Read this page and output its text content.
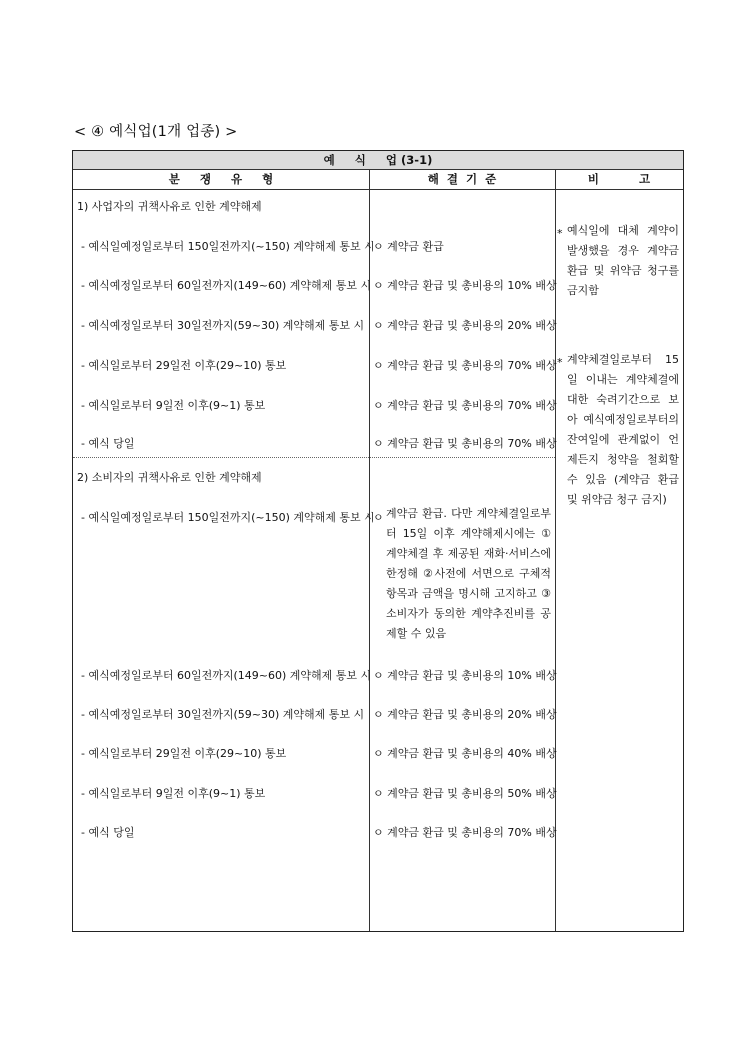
< ④ 예식업(1개 업종) >
예     식     업 (3-1)
분     쟁     유     형	해  결  기  준	비          고
1) 사업자의 귀책사유로 인한 계약해제
- 예식일예정일로부터 150일전까지(~150) 계약해제 통보 시
ㅇ 계약금 환급
- 예식예정일로부터 60일전까지(149~60) 계약해제 통보 시 ㅇ 계약금 환급 및 총비용의 10% 배상
- 예식예정일로부터 30일전까지(59~30) 계약해제 통보 시 ㅇ 계약금 환급 및 총비용의 20% 배상
- 예식일로부터 29일전 이후(29~10) 통보	ㅇ 계약금 환급 및 총비용의 70% 배상
- 예식일로부터 9일전 이후(9~1) 통보	ㅇ 계약금 환급 및 총비용의 70% 배상
- 예식 당일	ㅇ 계약금 환급 및 총비용의 70% 배상
2) 소비자의 귀책사유로 인한 계약해제
- 예식일예정일로부터 150일전까지(~150) 계약해제 통보 시
ㅇ 계약금 환급. 다만 계약체결일로부터 15일 이후 계약해제시에는 ①계약체결 후 제공된 재화·서비스에 한정해 ②사전에 서면으로 구체적 항목과 금액을 명시해 고지하고 ③소비자가 동의한 계약추진비를 공제할 수 있음
- 예식예정일로부터 60일전까지(149~60) 계약해제 통보 시 ㅇ 계약금 환급 및 총비용의 10% 배상
- 예식예정일로부터 30일전까지(59~30) 계약해제 통보 시 ㅇ 계약금 환급 및 총비용의 20% 배상
- 예식일로부터 29일전 이후(29~10) 통보	ㅇ 계약금 환급 및 총비용의 40% 배상
- 예식일로부터 9일전 이후(9~1) 통보	ㅇ 계약금 환급 및 총비용의 50% 배상
- 예식 당일	ㅇ 계약금 환급 및 총비용의 70% 배상
* 예식일에 대체 계약이 발생했을 경우 계약금 환급 및 위약금 청구를 금지함
* 계약체결일로부터 15일 이내는 계약체결에 대한 숙려기간으로 보아 예식예정일로부터의 잔여일에 관계없이 언제든지 청약을 철회할 수 있음 (계약금 환급 및 위약금 청구 금지)
